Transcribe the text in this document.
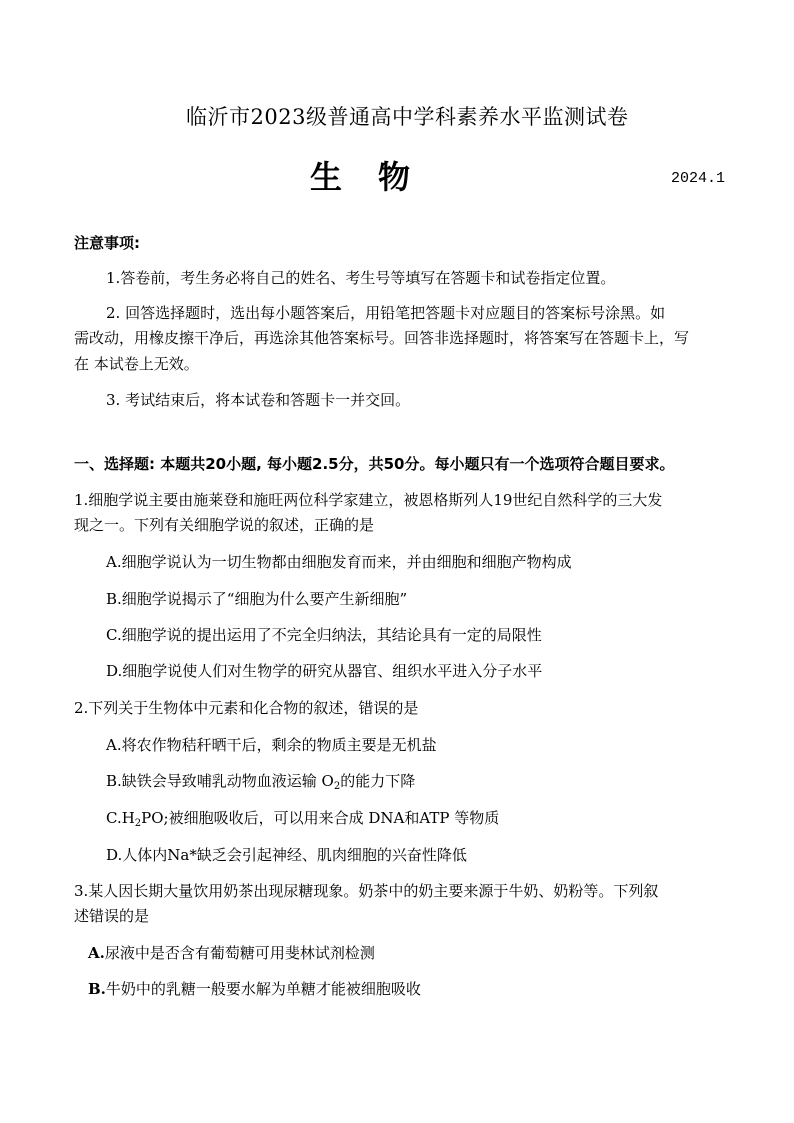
临沂市2023级普通高中学科素养水平监测试卷
生 物	2024.1
注意事项:
1.答卷前，考生务必将自己的姓名、考生号等填写在答题卡和试卷指定位置。
2. 回答选择题时，选出每小题答案后，用铅笔把答题卡对应题目的答案标号涂黑。如
需改动，用橡皮擦干净后，再选涂其他答案标号。回答非选择题时，将答案写在答题卡上，写
在 本试卷上无效。
3. 考试结束后，将本试卷和答题卡一并交回。
一、选择题: 本题共20小题, 每小题2.5分，共50分。每小题只有一个选项符合题目要求。
1.细胞学说主要由施莱登和施旺两位科学家建立，被恩格斯列人19世纪自然科学的三大发
现之一。下列有关细胞学说的叙述，正确的是
A.细胞学说认为一切生物都由细胞发育而来，并由细胞和细胞产物构成
B.细胞学说揭示了“细胞为什么要产生新细胞”
C.细胞学说的提出运用了不完全归纳法，其结论具有一定的局限性
D.细胞学说使人们对生物学的研究从器官、组织水平进入分子水平
2.下列关于生物体中元素和化合物的叙述，错误的是
A.将农作物秸秆晒干后，剩余的物质主要是无机盐
B.缺铁会导致哺乳动物血液运输 $O_2$的能力下降
$C.H_2PO$;被细胞吸收后，可以用来合成 DNA和ATP 等物质
D.人体内Na*缺乏会引起神经、肌肉细胞的兴奋性降低
3.某人因长期大量饮用奶茶出现尿糖现象。奶茶中的奶主要来源于牛奶、奶粉等。下列叙
述错误的是
A.尿液中是否含有葡萄糖可用斐林试剂检测
B.牛奶中的乳糖一般要水解为单糖才能被细胞吸收
